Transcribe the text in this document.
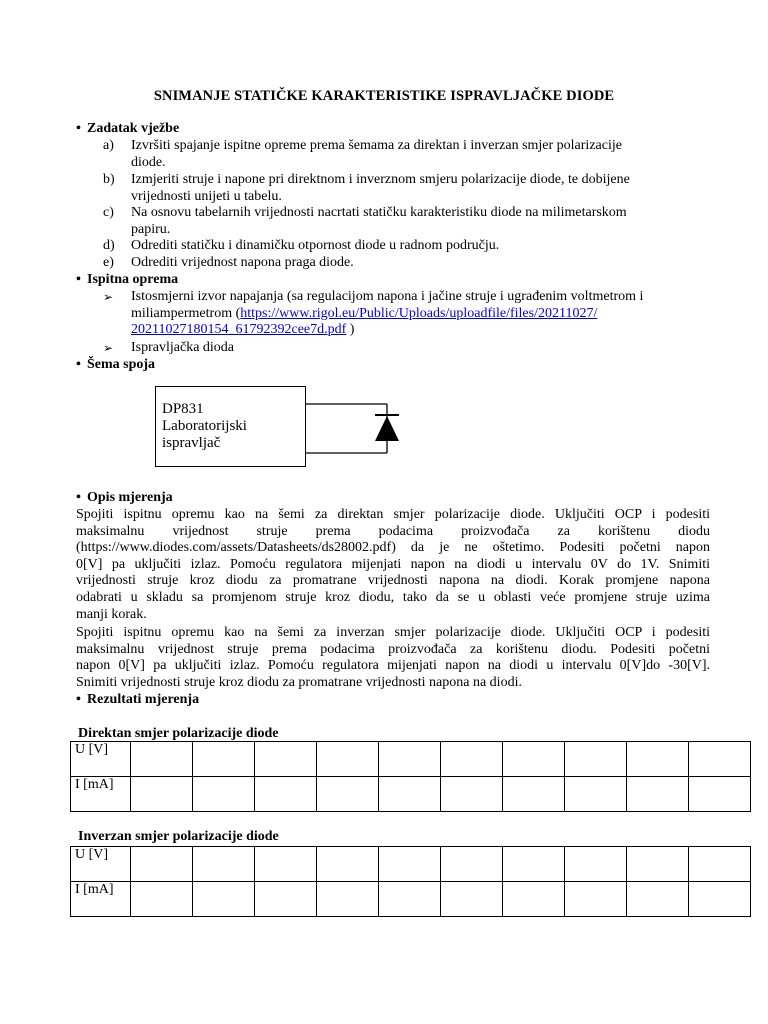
SNIMANJE STATIČKE KARAKTERISTIKE ISPRAVLJAČKE DIODE
• Zadatak vježbe
a) Izvršiti spajanje ispitne opreme prema šemama za direktan i inverzan smjer polarizacije
diode.
b) Izmjeriti struje i napone pri direktnom i inverznom smjeru polarizacije diode, te dobijene
vrijednosti unijeti u tabelu.
c) Na osnovu tabelarnih vrijednosti nacrtati statičku karakteristiku diode na milimetarskom
papiru.
d) Odrediti statičku i dinamičku otpornost diode u radnom području.
e) Odrediti vrijednost napona praga diode.
• Ispitna oprema
➢ Istosmjerni izvor napajanja (sa regulacijom napona i jačine struje i ugrađenim voltmetrom i
miliampermetrom (https://www.rigol.eu/Public/Uploads/uploadfile/files/20211027/
20211027180154_61792392cee7d.pdf )
➢ Ispravljačka dioda
• Šema spoja
DP831
Laboratorijski
ispravljač
• Opis mjerenja
Spojiti ispitnu opremu kao na šemi za direktan smjer polarizacije diode. Uključiti OCP i podesiti
maksimalnu vrijednost struje prema podacima proizvođača za korištenu diodu
(https://www.diodes.com/assets/Datasheets/ds28002.pdf) da je ne oštetimo. Podesiti početni napon
0[V] pa uključiti izlaz. Pomoću regulatora mijenjati napon na diodi u intervalu 0V do 1V. Snimiti
vrijednosti struje kroz diodu za promatrane vrijednosti napona na diodi. Korak promjene napona
odabrati u skladu sa promjenom struje kroz diodu, tako da se u oblasti veće promjene struje uzima
manji korak.
Spojiti ispitnu opremu kao na šemi za inverzan smjer polarizacije diode. Uključiti OCP i podesiti
maksimalnu vrijednost struje prema podacima proizvođača za korištenu diodu. Podesiti početni
napon 0[V] pa uključiti izlaz. Pomoću regulatora mijenjati napon na diodi u intervalu 0[V]do -30[V].
Snimiti vrijednosti struje kroz diodu za promatrane vrijednosti napona na diodi.
• Rezultati mjerenja
Direktan smjer polarizacije diode
U [V]										
I [mA]										
Inverzan smjer polarizacije diode
U [V]										
I [mA]										
